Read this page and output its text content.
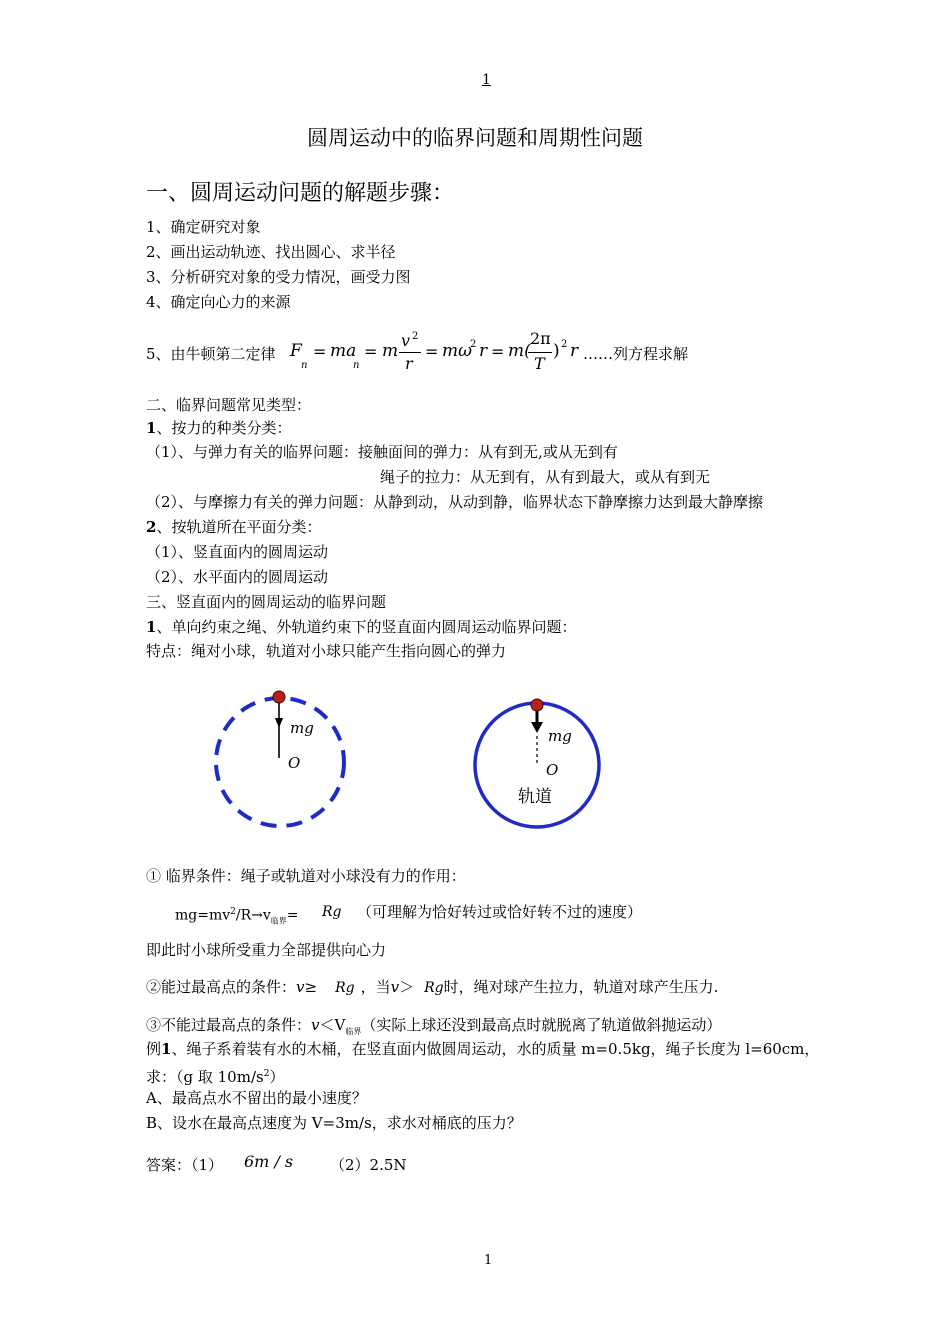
1
圆周运动中的临界问题和周期性问题
一、圆周运动问题的解题步骤：
1、确定研究对象
2、画出运动轨迹、找出圆心、求半径
3、分析研究对象的受力情况，画受力图
4、确定向心力的来源
5、由牛顿第二定律 F
n
= ma
n
= m
v 2
r
= mω
2 r = m(
2π
T
) 2 r ……列方程求解
二、临界问题常见类型：
1、按力的种类分类：
（1）、与弹力有关的临界问题：接触面间的弹力：从有到无,或从无到有
绳子的拉力：从无到有，从有到最大，或从有到无
（2）、与摩擦力有关的弹力问题：从静到动，从动到静，临界状态下静摩擦力达到最大静摩擦
2、按轨道所在平面分类：
（1）、竖直面内的圆周运动
（2）、水平面内的圆周运动
三、竖直面内的圆周运动的临界问题
1、单向约束之绳、外轨道约束下的竖直面内圆周运动临界问题：
特点：绳对小球，轨道对小球只能产生指向圆心的弹力
mg
O
mg
O
轨道
① 临界条件：绳子或轨道对小球没有力的作用：
$mg=mv^2/R\to v_{临界}= Rg$ （可理解为恰好转过或恰好转不过的速度）
即此时小球所受重力全部提供向心力
②能过最高点的条件：v≥ Rg ，当v＞ Rg时，绳对球产生拉力，轨道对球产生压力.
③不能过最高点的条件：$v<V_{临界}$（实际上球还没到最高点时就脱离了轨道做斜抛运动）
例1、绳子系着装有水的木桶，在竖直面内做圆周运动，水的质量 m=0.5kg，绳子长度为 l=60cm，
求：（g 取 $10m/s^2$）
A、最高点水不留出的最小速度？
B、设水在最高点速度为 V=3m/s，求水对桶底的压力？
答案：（1） 6m / s （2）2.5N
1
